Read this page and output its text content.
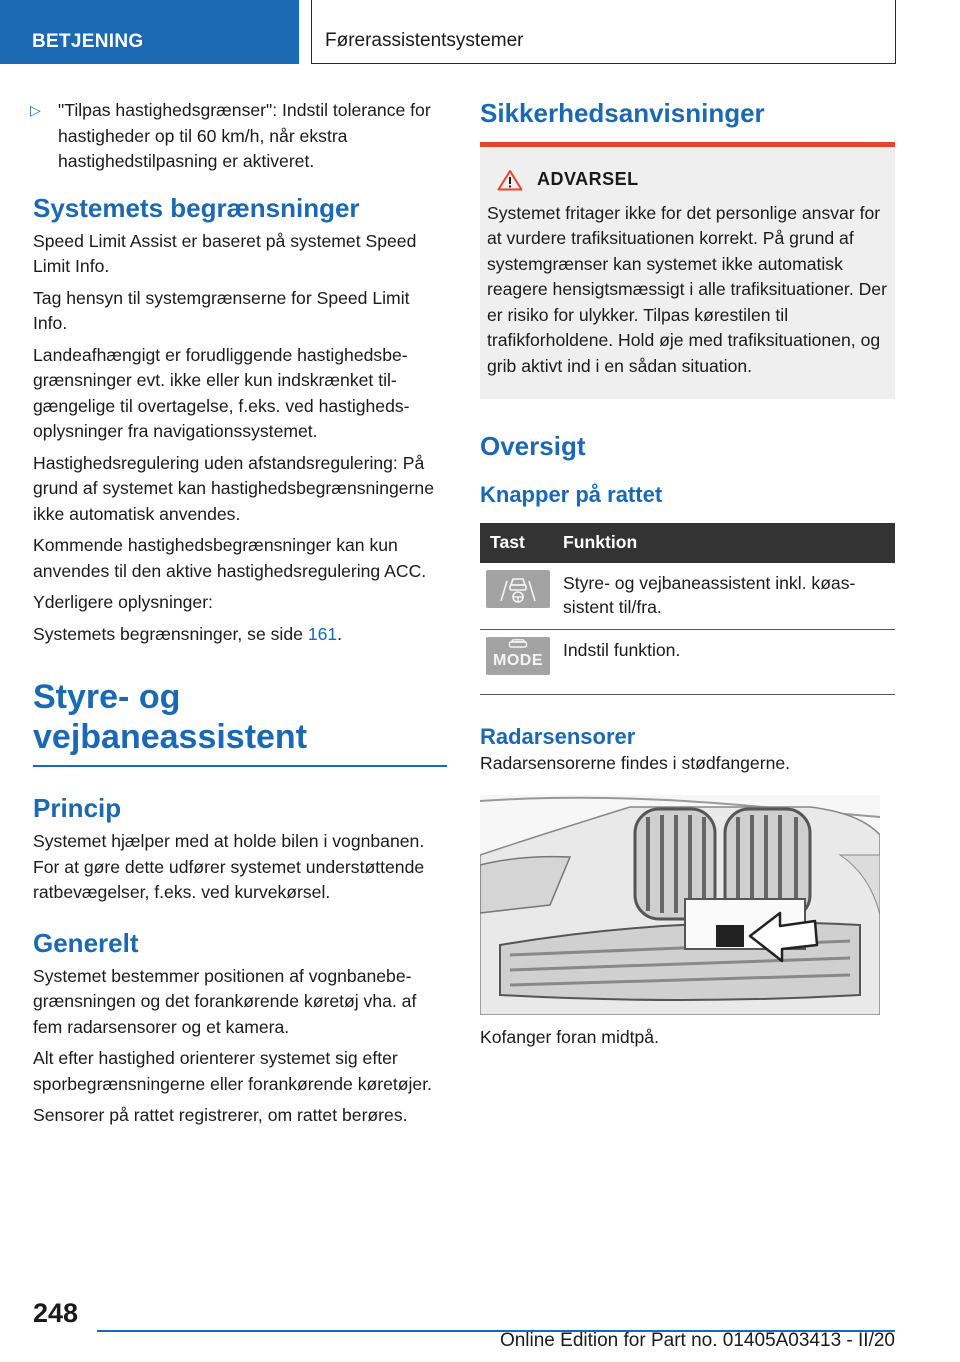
BETJENING	Førerassistentsystemer
▷ "Tilpas hastighedsgrænser": Indstil tolerance for hastigheder op til 60 km/h, når ekstra hastighedstilpasning er aktiveret.
Systemets begrænsninger

Speed Limit Assist er baseret på systemet Speed Limit Info.

Tag hensyn til systemgrænserne for Speed Limit Info.

Landeafhængigt er forudliggende hastighedsbegrænsninger evt. ikke eller kun indskrænket tilgængelige til overtagelse, f.eks. ved hastighedsoplysninger fra navigationssystemet.

Hastighedsregulering uden afstandsregulering: På grund af systemet kan hastighedsbegrænsningerne ikke automatisk anvendes.

Kommende hastighedsbegrænsninger kan kun anvendes til den aktive hastighedsregulering ACC.

Yderligere oplysninger:

Systemets begrænsninger, se side 161.

Styre- og vejbaneassistent
Princip

Systemet hjælper med at holde bilen i vognbanen. For at gøre dette udfører systemet understøttende ratbevægelser, f.eks. ved kurvekørsel.

Generelt

Systemet bestemmer positionen af vognbanebegrænsningen og det forankørende køretøj vha. af fem radarsensorer og et kamera.

Alt efter hastighed orienterer systemet sig efter sporbegrænsningerne eller forankørende køretøjer.

Sensorer på rattet registrerer, om rattet berøres.

Sikkerhedsanvisninger
ADVARSEL
Systemet fritager ikke for det personlige ansvar for at vurdere trafiksituationen korrekt. På grund af systemgrænser kan systemet ikke automatisk reagere hensigtsmæssigt i alle trafiksituationer. Der er risiko for ulykker. Tilpas kørestilen til trafikforholdene. Hold øje med trafiksituationen, og grib aktivt ind i en sådan situation.
Oversigt
Knapper på rattet
Tast	Funktion

	Styre- og vejbaneassistent inkl. køassistent til/fra.

MODE	Indstil funktion.
Radarsensorer

Radarsensorerne findes i stødfangerne.

Kofanger foran midtpå.

248
Online Edition for Part no. 01405A03413 - II/20
